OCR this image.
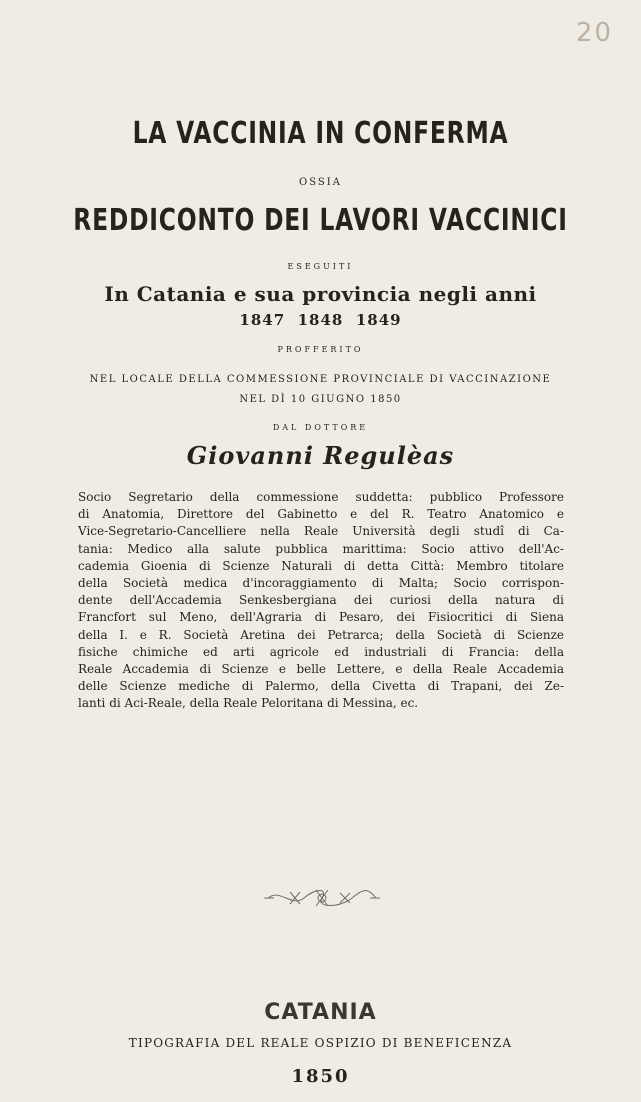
20
LA VACCINIA IN CONFERMA
OSSIA
REDDICONTO DEI LAVORI VACCINICI
ESEGUITI
In Catania e sua provincia negli anni
1847 1848 1849
PROFFERITO
NEL LOCALE DELLA COMMESSIONE PROVINCIALE DI VACCINAZIONE
NEL DÌ 10 GIUGNO 1850
DAL DOTTORE
Giovanni Regulèas
Socio Segretario della commessione suddetta: pubblico Professore
di Anatomia, Direttore del Gabinetto e del R. Teatro Anatomico e
Vice-Segretario-Cancelliere nella Reale Università degli studî di Ca-
tania: Medico alla salute pubblica marittima: Socio attivo dell'Ac-
cademia Gioenia di Scienze Naturali di detta Città: Membro titolare
della Società medica d'incoraggiamento di Malta; Socio corrispon-
dente dell'Accademia Senkesbergiana dei curiosi della natura di
Francfort sul Meno, dell'Agraria di Pesaro, dei Fisiocritici di Siena
della I. e R. Società Aretina dei Petrarca; della Società di Scienze
fisiche chimiche ed arti agricole ed industriali di Francia: della
Reale Accademia di Scienze e belle Lettere, e della Reale Accademia
delle Scienze mediche di Palermo, della Civetta di Trapani, dei Ze-
lanti di Aci-Reale, della Reale Peloritana di Messina, ec.
CATANIA
TIPOGRAFIA DEL REALE OSPIZIO DI BENEFICENZA
1850
